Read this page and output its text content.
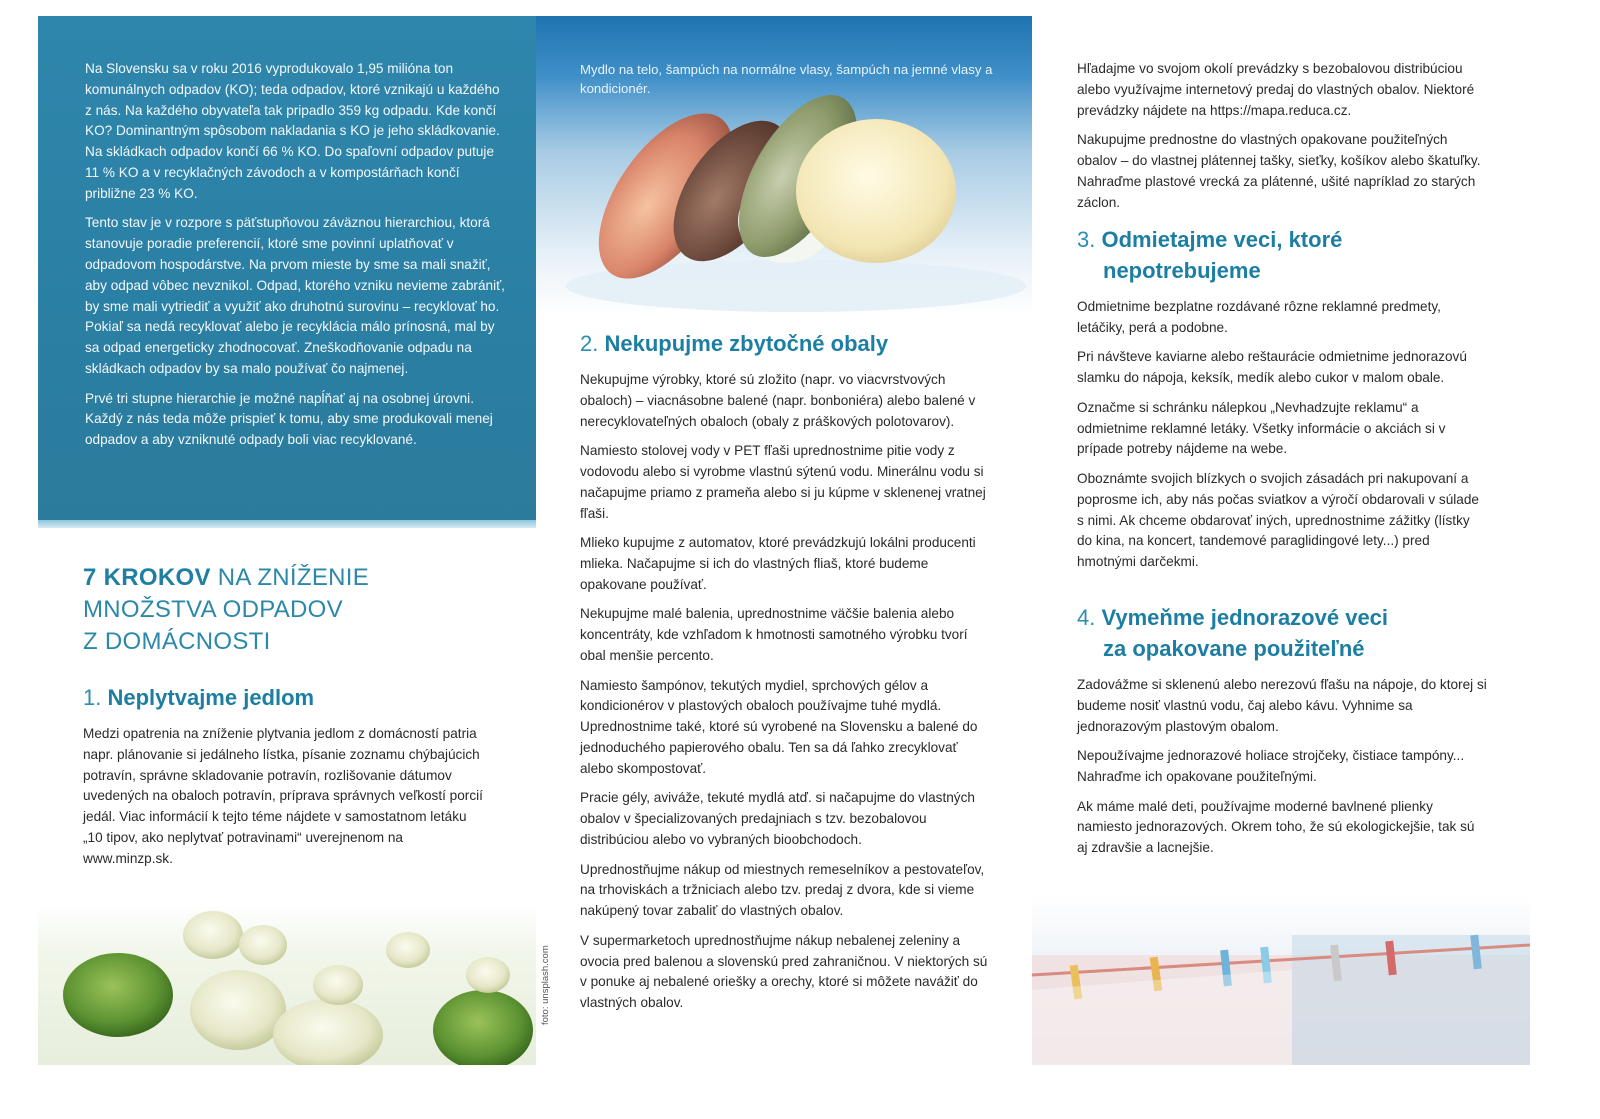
Na Slovensku sa v roku 2016 vyprodukovalo 1,95 milióna ton komunálnych odpadov (KO); teda odpadov, ktoré vznikajú u každého z nás. Na každého obyvateľa tak pripadlo 359 kg odpadu. Kde končí KO? Dominantným spôsobom nakladania s KO je jeho skládkovanie. Na skládkach odpadov končí 66 % KO. Do spaľovní odpadov putuje 11 % KO a v recyklačných závodoch a v kompostárňach končí približne 23 % KO.

Tento stav je v rozpore s päťstupňovou záväznou hierarchiou, ktorá stanovuje poradie preferencií, ktoré sme povinní uplatňovať v odpadovom hospodárstve. Na prvom mieste by sme sa mali snažiť, aby odpad vôbec nevznikol. Odpad, ktorého vzniku nevieme zabrániť, by sme mali vytriediť a využiť ako druhotnú surovinu – recyklovať ho. Pokiaľ sa nedá recyklovať alebo je recyklácia málo prínosná, mal by sa odpad energeticky zhodnocovať. Zneškodňovanie odpadu na skládkach odpadov by sa malo používať čo najmenej.

Prvé tri stupne hierarchie je možné napĺňať aj na osobnej úrovni. Každý z nás teda môže prispieť k tomu, aby sme produkovali menej odpadov a aby vzniknuté odpady boli viac recyklované.

Mydlo na telo, šampúch na normálne vlasy, šampúch na jemné vlasy a kondicionér.

7 KROKOV NA ZNÍŽENIE
MNOŽSTVA ODPADOV
Z DOMÁCNOSTI
1. Neplytvajme jedlom

Medzi opatrenia na zníženie plytvania jedlom z domácností patria napr. plánovanie si jedálneho lístka, písanie zoznamu chýbajúcich potravín, správne skladovanie potravín, rozlišovanie dátumov uvedených na obaloch potravín, príprava správnych veľkostí porcií jedál. Viac informácií k tejto téme nájdete v samostatnom letáku „10 tipov, ako neplytvať potravinami“ uverejnenom na www.minzp.sk.

foto: unsplash.com
2. Nekupujme zbytočné obaly

Nekupujme výrobky, ktoré sú zložito (napr. vo viacvrstvových obaloch) – viacnásobne balené (napr. bonboniéra) alebo balené v nerecyklovateľných obaloch (obaly z práškových polotovarov).

Namiesto stolovej vody v PET fľaši uprednostnime pitie vody z vodovodu alebo si vyrobme vlastnú sýtenú vodu. Minerálnu vodu si načapujme priamo z prameňa alebo si ju kúpme v sklenenej vratnej fľaši.

Mlieko kupujme z automatov, ktoré prevádzkujú lokálni producenti mlieka. Načapujme si ich do vlastných fliaš, ktoré budeme opakovane používať.

Nekupujme malé balenia, uprednostnime väčšie balenia alebo koncentráty, kde vzhľadom k hmotnosti samotného výrobku tvorí obal menšie percento.

Namiesto šampónov, tekutých mydiel, sprchových gélov a kondicionérov v plastových obaloch používajme tuhé mydlá. Uprednostnime také, ktoré sú vyrobené na Slovensku a balené do jednoduchého papierového obalu. Ten sa dá ľahko zrecyklovať alebo skompostovať.

Pracie gély, aviváže, tekuté mydlá atď. si načapujme do vlastných obalov v špecializovaných predajniach s tzv. bezobalovou distribúciou alebo vo vybraných bioobchodoch.

Uprednostňujme nákup od miestnych remeselníkov a pestovateľov, na trhoviskách a tržniciach alebo tzv. predaj z dvora, kde si vieme nakúpený tovar zabaliť do vlastných obalov.

V supermarketoch uprednostňujme nákup nebalenej zeleniny a ovocia pred balenou a slovenskú pred zahraničnou. V niektorých sú v ponuke aj nebalené oriešky a orechy, ktoré si môžete navážiť do vlastných obalov.

Hľadajme vo svojom okolí prevádzky s bezobalovou distribúciou alebo využívajme internetový predaj do vlastných obalov. Niektoré prevádzky nájdete na https://mapa.reduca.cz.

Nakupujme prednostne do vlastných opakovane použiteľných obalov – do vlastnej plátennej tašky, sieťky, košíkov alebo škatuľky. Nahraďme plastové vrecká za plátenné, ušité napríklad zo starých záclon.

3. Odmietajme veci, ktoré
nepotrebujeme

Odmietnime bezplatne rozdávané rôzne reklamné predmety, letáčiky, perá a podobne.

Pri návšteve kaviarne alebo reštaurácie odmietnime jednorazovú slamku do nápoja, keksík, medík alebo cukor v malom obale.

Označme si schránku nálepkou „Nevhadzujte reklamu“ a odmietnime reklamné letáky. Všetky informácie o akciách si v prípade potreby nájdeme na webe.

Oboznámte svojich blízkych o svojich zásadách pri nakupovaní a poprosme ich, aby nás počas sviatkov a výročí obdarovali v súlade s nimi. Ak chceme obdarovať iných, uprednostnime zážitky (lístky do kina, na koncert, tandemové paraglidingové lety...) pred hmotnými darčekmi.

4. Vymeňme jednorazové veci
za opakovane použiteľné

Zadovážme si sklenenú alebo nerezovú fľašu na nápoje, do ktorej si budeme nosiť vlastnú vodu, čaj alebo kávu. Vyhnime sa jednorazovým plastovým obalom.

Nepoužívajme jednorazové holiace strojčeky, čistiace tampóny... Nahraďme ich opakovane použiteľnými.

Ak máme malé deti, používajme moderné bavlnené plienky namiesto jednorazových. Okrem toho, že sú ekologickejšie, tak sú aj zdravšie a lacnejšie.
